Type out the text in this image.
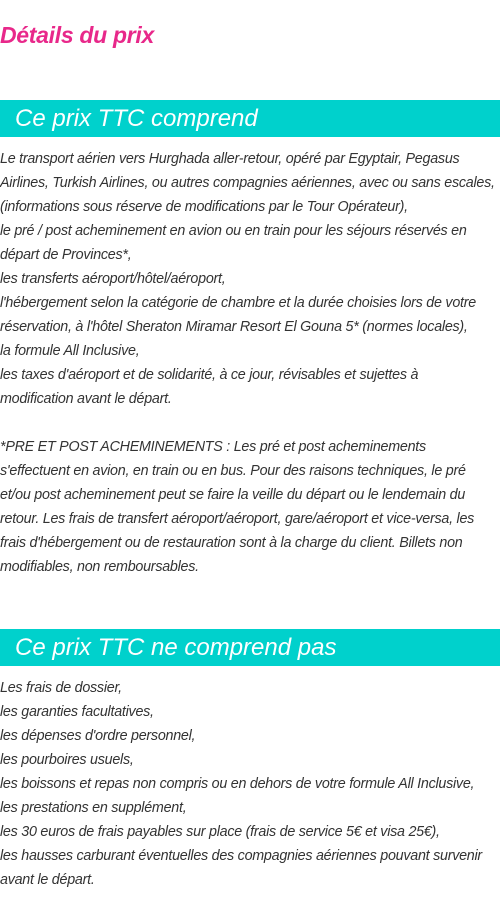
Détails du prix
Ce prix TTC comprend
Le transport aérien vers Hurghada aller-retour, opéré par Egyptair, Pegasus
Airlines, Turkish Airlines, ou autres compagnies aériennes, avec ou sans escales,
(informations sous réserve de modifications par le Tour Opérateur),
le pré / post acheminement en avion ou en train pour les séjours réservés en
départ de Provinces*,
les transferts aéroport/hôtel/aéroport,
l'hébergement selon la catégorie de chambre et la durée choisies lors de votre
réservation, à l'hôtel Sheraton Miramar Resort El Gouna 5* (normes locales),
la formule All Inclusive,
les taxes d'aéroport et de solidarité, à ce jour, révisables et sujettes à
modification avant le départ.
*PRE ET POST ACHEMINEMENTS : Les pré et post acheminements
s'effectuent en avion, en train ou en bus. Pour des raisons techniques, le pré
et/ou post acheminement peut se faire la veille du départ ou le lendemain du
retour. Les frais de transfert aéroport/aéroport, gare/aéroport et vice-versa, les
frais d'hébergement ou de restauration sont à la charge du client. Billets non
modifiables, non remboursables.
Ce prix TTC ne comprend pas
Les frais de dossier,
les garanties facultatives,
les dépenses d'ordre personnel,
les pourboires usuels,
les boissons et repas non compris ou en dehors de votre formule All Inclusive,
les prestations en supplément,
les 30 euros de frais payables sur place (frais de service 5€ et visa 25€),
les hausses carburant éventuelles des compagnies aériennes pouvant survenir
avant le départ.
